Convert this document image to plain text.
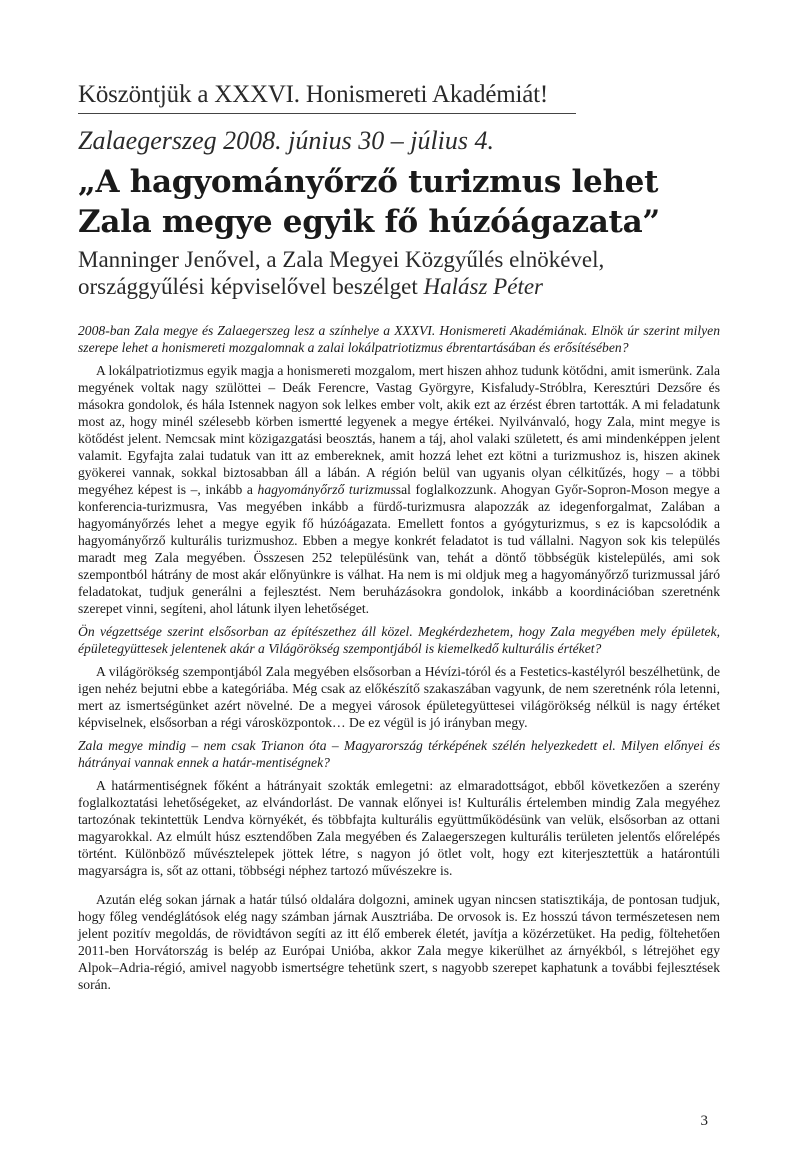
Köszöntjük a XXXVI. Honismereti Akadémiát!
Zalaegerszeg 2008. június 30 – július 4.
„A hagyományőrző turizmus lehet
Zala megye egyik fő húzóágazata”
Manninger Jenővel, a Zala Megyei Közgyűlés elnökével,
országgyűlési képviselővel beszélget Halász Péter

2008-ban Zala megye és Zalaegerszeg lesz a színhelye a XXXVI. Honismereti Akadémiának. Elnök úr szerint milyen szerepe lehet a honismereti mozgalomnak a zalai lokálpatriotizmus ébrentartásában és erősítésében?

A lokálpatriotizmus egyik magja a honismereti mozgalom, mert hiszen ahhoz tudunk kötődni, amit ismerünk. Zala megyének voltak nagy szülöttei – Deák Ferencre, Vastag Györgyre, Kisfaludy-Stróblra, Keresztúri Dezsőre és másokra gondolok, és hála Istennek nagyon sok lelkes ember volt, akik ezt az érzést ébren tartották. A mi feladatunk most az, hogy minél szélesebb körben ismertté legyenek a megye értékei. Nyilvánvaló, hogy Zala, mint megye is kötődést jelent. Nemcsak mint közigazgatási beosztás, hanem a táj, ahol valaki született, és ami mindenképpen jelent valamit. Egyfajta zalai tudatuk van itt az embereknek, amit hozzá lehet ezt kötni a turizmushoz is, hiszen akinek gyökerei vannak, sokkal biztosabban áll a lábán. A régión belül van ugyanis olyan célkitűzés, hogy – a többi megyéhez képest is –, inkább a hagyományőrző turizmussal foglalkozzunk. Ahogyan Győr-Sopron-Moson megye a konferencia-turizmusra, Vas megyében inkább a fürdő-turizmusra alapozzák az idegenforgalmat, Zalában a hagyományőrzés lehet a megye egyik fő húzóágazata. Emellett fontos a gyógyturizmus, s ez is kapcsolódik a hagyományőrző kulturális turizmushoz. Ebben a megye konkrét feladatot is tud vállalni. Nagyon sok kis település maradt meg Zala megyében. Összesen 252 településünk van, tehát a döntő többségük kistelepülés, ami sok szempontból hátrány de most akár előnyünkre is válhat. Ha nem is mi oldjuk meg a hagyományőrző turizmussal járó feladatokat, tudjuk generálni a fejlesztést. Nem beruházásokra gondolok, inkább a koordinációban szeretnénk szerepet vinni, segíteni, ahol látunk ilyen lehetőséget.

Ön végzettsége szerint elsősorban az építészethez áll közel. Megkérdezhetem, hogy Zala megyében mely épületek, épületegyüttesek jelentenek akár a Világörökség szempontjából is kiemelkedő kulturális értéket?

A világörökség szempontjából Zala megyében elsősorban a Hévízi-tóról és a Festetics-kastélyról beszélhetünk, de igen nehéz bejutni ebbe a kategóriába. Még csak az előkészítő szakaszában vagyunk, de nem szeretnénk róla letenni, mert az ismertségünket azért növelné. De a megyei városok épületegyüttesei világörökség nélkül is nagy értéket képviselnek, elsősorban a régi városközpontok… De ez végül is jó irányban megy.

Zala megye mindig – nem csak Trianon óta – Magyarország térképének szélén helyezkedett el. Milyen előnyei és hátrányai vannak ennek a határ-mentiségnek?

A határmentiségnek főként a hátrányait szokták emlegetni: az elmaradottságot, ebből következően a szerény foglalkoztatási lehetőségeket, az elvándorlást. De vannak előnyei is! Kulturális értelemben mindig Zala megyéhez tartozónak tekintettük Lendva környékét, és többfajta kulturális együttműködésünk van velük, elsősorban az ottani magyarokkal. Az elmúlt húsz esztendőben Zala megyében és Zalaegerszegen kulturális területen jelentős előrelépés történt. Különböző művésztelepek jöttek létre, s nagyon jó ötlet volt, hogy ezt kiterjesztettük a határontúli magyarságra is, sőt az ottani, többségi néphez tartozó művészekre is.

Azután elég sokan járnak a határ túlsó oldalára dolgozni, aminek ugyan nincsen statisztikája, de pontosan tudjuk, hogy főleg vendéglátósok elég nagy számban járnak Ausztriába. De orvosok is. Ez hosszú távon természetesen nem jelent pozitív megoldás, de rövidtávon segíti az itt élő emberek életét, javítja a közérzetüket. Ha pedig, föltehetően 2011-ben Horvátország is belép az Európai Unióba, akkor Zala megye kikerülhet az árnyékból, s létrejöhet egy Alpok–Adria-régió, amivel nagyobb ismertségre tehetünk szert, s nagyobb szerepet kaphatunk a további fejlesztések során.

3
